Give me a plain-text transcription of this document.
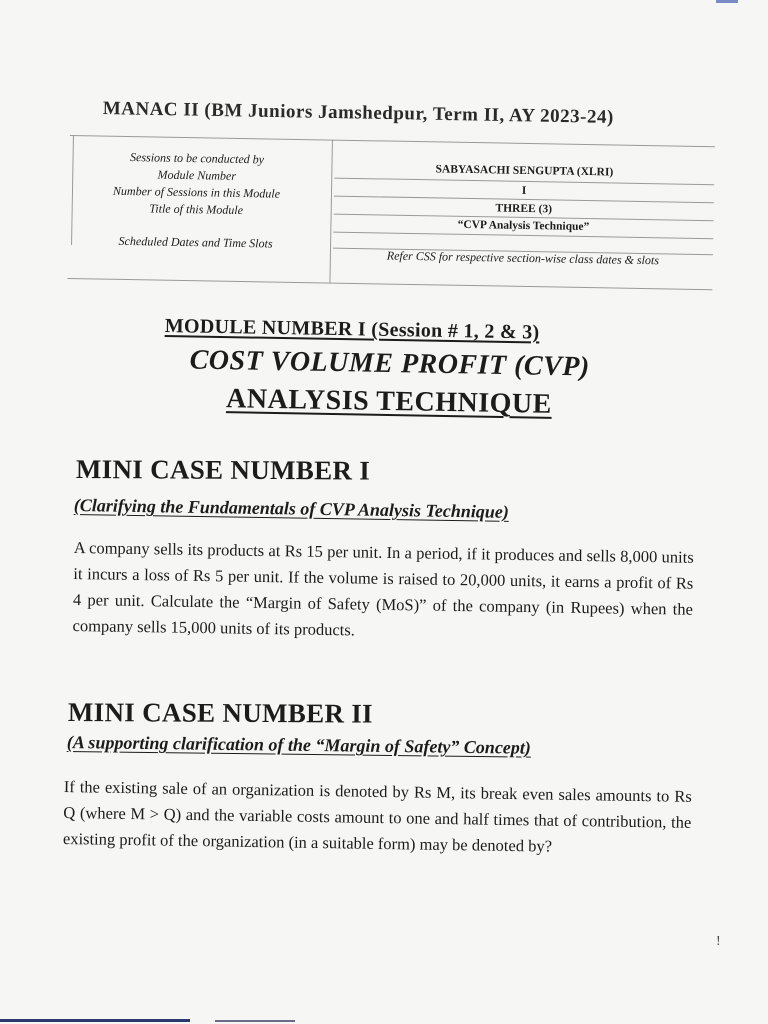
MANAC II (BM Juniors Jamshedpur, Term II, AY 2023-24)
Sessions to be conducted by
Module Number
Number of Sessions in this Module
Title of this Module
Scheduled Dates and Time Slots
SABYASACHI SENGUPTA (XLRI)
I
THREE (3)
“CVP Analysis Technique”
Refer CSS for respective section-wise class dates & slots
MODULE NUMBER I (Session # 1, 2 & 3)
COST VOLUME PROFIT (CVP)
ANALYSIS TECHNIQUE
MINI CASE NUMBER I
(Clarifying the Fundamentals of CVP Analysis Technique)
A company sells its products at Rs 15 per unit. In a period, if it produces and sells 8,000 units it incurs a loss of Rs 5 per unit. If the volume is raised to 20,000 units, it earns a profit of Rs 4 per unit. Calculate the “Margin of Safety (MoS)” of the company (in Rupees) when the company sells 15,000 units of its products.
MINI CASE NUMBER II
(A supporting clarification of the “Margin of Safety” Concept)
If the existing sale of an organization is denoted by Rs M, its break even sales amounts to Rs Q (where M > Q) and the variable costs amount to one and half times that of contribution, the existing profit of the organization (in a suitable form) may be denoted by?
!
